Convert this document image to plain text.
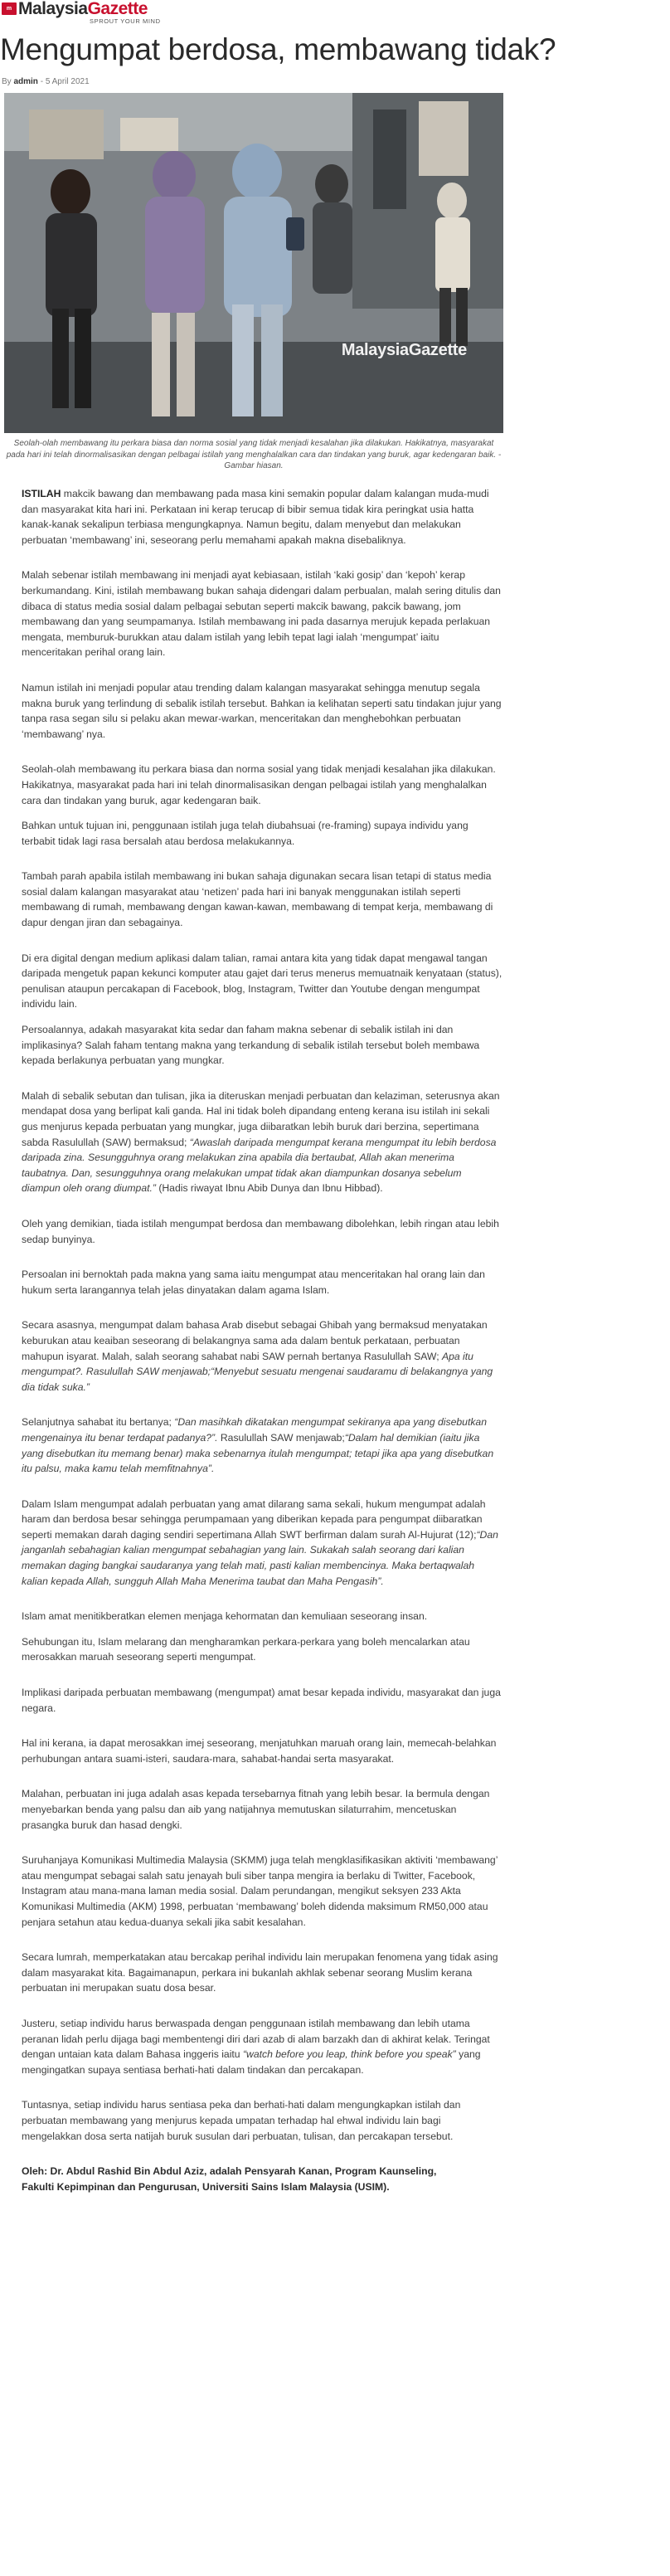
m MalaysiaGazette
SPROUT YOUR MIND
Mengumpat berdosa, membawang tidak?
By admin - 5 April 2021
MalaysiaGazette

Seolah-olah membawang itu perkara biasa dan norma sosial yang tidak menjadi kesalahan jika dilakukan. Hakikatnya, masyarakat pada hari ini telah dinormalisasikan dengan pelbagai istilah yang menghalalkan cara dan tindakan yang buruk, agar kedengaran baik. - Gambar hiasan.

ISTILAH makcik bawang dan membawang pada masa kini semakin popular dalam kalangan muda-mudi dan masyarakat kita hari ini. Perkataan ini kerap terucap di bibir semua tidak kira peringkat usia hatta kanak-kanak sekalipun terbiasa mengungkapnya. Namun begitu, dalam menyebut dan melakukan perbuatan ‘membawang’ ini, seseorang perlu memahami apakah makna disebaliknya.

Malah sebenar istilah membawang ini menjadi ayat kebiasaan, istilah ‘kaki gosip’ dan ‘kepoh’ kerap berkumandang. Kini, istilah membawang bukan sahaja didengari dalam perbualan, malah sering ditulis dan dibaca di status media sosial dalam pelbagai sebutan seperti makcik bawang, pakcik bawang, jom membawang dan yang seumpamanya. Istilah membawang ini pada dasarnya merujuk kepada perlakuan mengata, memburuk-burukkan atau dalam istilah yang lebih tepat lagi ialah ‘mengumpat’ iaitu menceritakan perihal orang lain.

Namun istilah ini menjadi popular atau trending dalam kalangan masyarakat sehingga menutup segala makna buruk yang terlindung di sebalik istilah tersebut. Bahkan ia kelihatan seperti satu tindakan jujur yang tanpa rasa segan silu si pelaku akan mewar-warkan, menceritakan dan menghebohkan perbuatan ‘membawang’ nya.

Seolah-olah membawang itu perkara biasa dan norma sosial yang tidak menjadi kesalahan jika dilakukan. Hakikatnya, masyarakat pada hari ini telah dinormalisasikan dengan pelbagai istilah yang menghalalkan cara dan tindakan yang buruk, agar kedengaran baik.

Bahkan untuk tujuan ini, penggunaan istilah juga telah diubahsuai (re-framing) supaya individu yang terbabit tidak lagi rasa bersalah atau berdosa melakukannya.

Tambah parah apabila istilah membawang ini bukan sahaja digunakan secara lisan tetapi di status media sosial dalam kalangan masyarakat atau ‘netizen’ pada hari ini banyak menggunakan istilah seperti membawang di rumah, membawang dengan kawan-kawan, membawang di tempat kerja, membawang di dapur dengan jiran dan sebagainya.

Di era digital dengan medium aplikasi dalam talian, ramai antara kita yang tidak dapat mengawal tangan daripada mengetuk papan kekunci komputer atau gajet dari terus menerus memuatnaik kenyataan (status), penulisan ataupun percakapan di Facebook, blog, Instagram, Twitter dan Youtube dengan mengumpat individu lain.

Persoalannya, adakah masyarakat kita sedar dan faham makna sebenar di sebalik istilah ini dan implikasinya? Salah faham tentang makna yang terkandung di sebalik istilah tersebut boleh membawa kepada berlakunya perbuatan yang mungkar.

Malah di sebalik sebutan dan tulisan, jika ia diteruskan menjadi perbuatan dan kelaziman, seterusnya akan mendapat dosa yang berlipat kali ganda. Hal ini tidak boleh dipandang enteng kerana isu istilah ini sekali gus menjurus kepada perbuatan yang mungkar, juga diibaratkan lebih buruk dari berzina, sepertimana sabda Rasulullah (SAW) bermaksud; “Awaslah daripada mengumpat kerana mengumpat itu lebih berdosa daripada zina. Sesungguhnya orang melakukan zina apabila dia bertaubat, Allah akan menerima taubatnya. Dan, sesungguhnya orang melakukan umpat tidak akan diampunkan dosanya sebelum diampun oleh orang diumpat.” (Hadis riwayat Ibnu Abib Dunya dan Ibnu Hibbad).

Oleh yang demikian, tiada istilah mengumpat berdosa dan membawang dibolehkan, lebih ringan atau lebih sedap bunyinya.

Persoalan ini bernoktah pada makna yang sama iaitu mengumpat atau menceritakan hal orang lain dan hukum serta larangannya telah jelas dinyatakan dalam agama Islam.

Secara asasnya, mengumpat dalam bahasa Arab disebut sebagai Ghibah yang bermaksud menyatakan keburukan atau keaiban seseorang di belakangnya sama ada dalam bentuk perkataan, perbuatan mahupun isyarat. Malah, salah seorang sahabat nabi SAW pernah bertanya Rasulullah SAW; Apa itu mengumpat?. Rasulullah SAW menjawab;“Menyebut sesuatu mengenai saudaramu di belakangnya yang dia tidak suka.”

Selanjutnya sahabat itu bertanya; “Dan masihkah dikatakan mengumpat sekiranya apa yang disebutkan mengenainya itu benar terdapat padanya?”. Rasulullah SAW menjawab;“Dalam hal demikian (iaitu jika yang disebutkan itu memang benar) maka sebenarnya itulah mengumpat; tetapi jika apa yang disebutkan itu palsu, maka kamu telah memfitnahnya”.

Dalam Islam mengumpat adalah perbuatan yang amat dilarang sama sekali, hukum mengumpat adalah haram dan berdosa besar sehingga perumpamaan yang diberikan kepada para pengumpat diibaratkan seperti memakan darah daging sendiri sepertimana Allah SWT berfirman dalam surah Al-Hujurat (12);“Dan janganlah sebahagian kalian mengumpat sebahagian yang lain. Sukakah salah seorang dari kalian memakan daging bangkai saudaranya yang telah mati, pasti kalian membencinya. Maka bertaqwalah kalian kepada Allah, sungguh Allah Maha Menerima taubat dan Maha Pengasih”.

Islam amat menitikberatkan elemen menjaga kehormatan dan kemuliaan seseorang insan.

Sehubungan itu, Islam melarang dan mengharamkan perkara-perkara yang boleh mencalarkan atau merosakkan maruah seseorang seperti mengumpat.

Implikasi daripada perbuatan membawang (mengumpat) amat besar kepada individu, masyarakat dan juga negara.

Hal ini kerana, ia dapat merosakkan imej seseorang, menjatuhkan maruah orang lain, memecah-belahkan perhubungan antara suami-isteri, saudara-mara, sahabat-handai serta masyarakat.

Malahan, perbuatan ini juga adalah asas kepada tersebarnya fitnah yang lebih besar. Ia bermula dengan menyebarkan benda yang palsu dan aib yang natijahnya memutuskan silaturrahim, mencetuskan prasangka buruk dan hasad dengki.

Suruhanjaya Komunikasi Multimedia Malaysia (SKMM) juga telah mengklasifikasikan aktiviti ‘membawang’ atau mengumpat sebagai salah satu jenayah buli siber tanpa mengira ia berlaku di Twitter, Facebook, Instagram atau mana-mana laman media sosial. Dalam perundangan, mengikut seksyen 233 Akta Komunikasi Multimedia (AKM) 1998, perbuatan ‘membawang’ boleh didenda maksimum RM50,000 atau penjara setahun atau kedua-duanya sekali jika sabit kesalahan.

Secara lumrah, memperkatakan atau bercakap perihal individu lain merupakan fenomena yang tidak asing dalam masyarakat kita. Bagaimanapun, perkara ini bukanlah akhlak sebenar seorang Muslim kerana perbuatan ini merupakan suatu dosa besar.

Justeru, setiap individu harus berwaspada dengan penggunaan istilah membawang dan lebih utama peranan lidah perlu dijaga bagi membentengi diri dari azab di alam barzakh dan di akhirat kelak. Teringat dengan untaian kata dalam Bahasa inggeris iaitu “watch before you leap, think before you speak” yang mengingatkan supaya sentiasa berhati-hati dalam tindakan dan percakapan.

Tuntasnya, setiap individu harus sentiasa peka dan berhati-hati dalam mengungkapkan istilah dan perbuatan membawang yang menjurus kepada umpatan terhadap hal ehwal individu lain bagi mengelakkan dosa serta natijah buruk susulan dari perbuatan, tulisan, dan percakapan tersebut.

Oleh: Dr. Abdul Rashid Bin Abdul Aziz, adalah Pensyarah Kanan, Program Kaunseling,

Fakulti Kepimpinan dan Pengurusan, Universiti Sains Islam Malaysia (USIM).
